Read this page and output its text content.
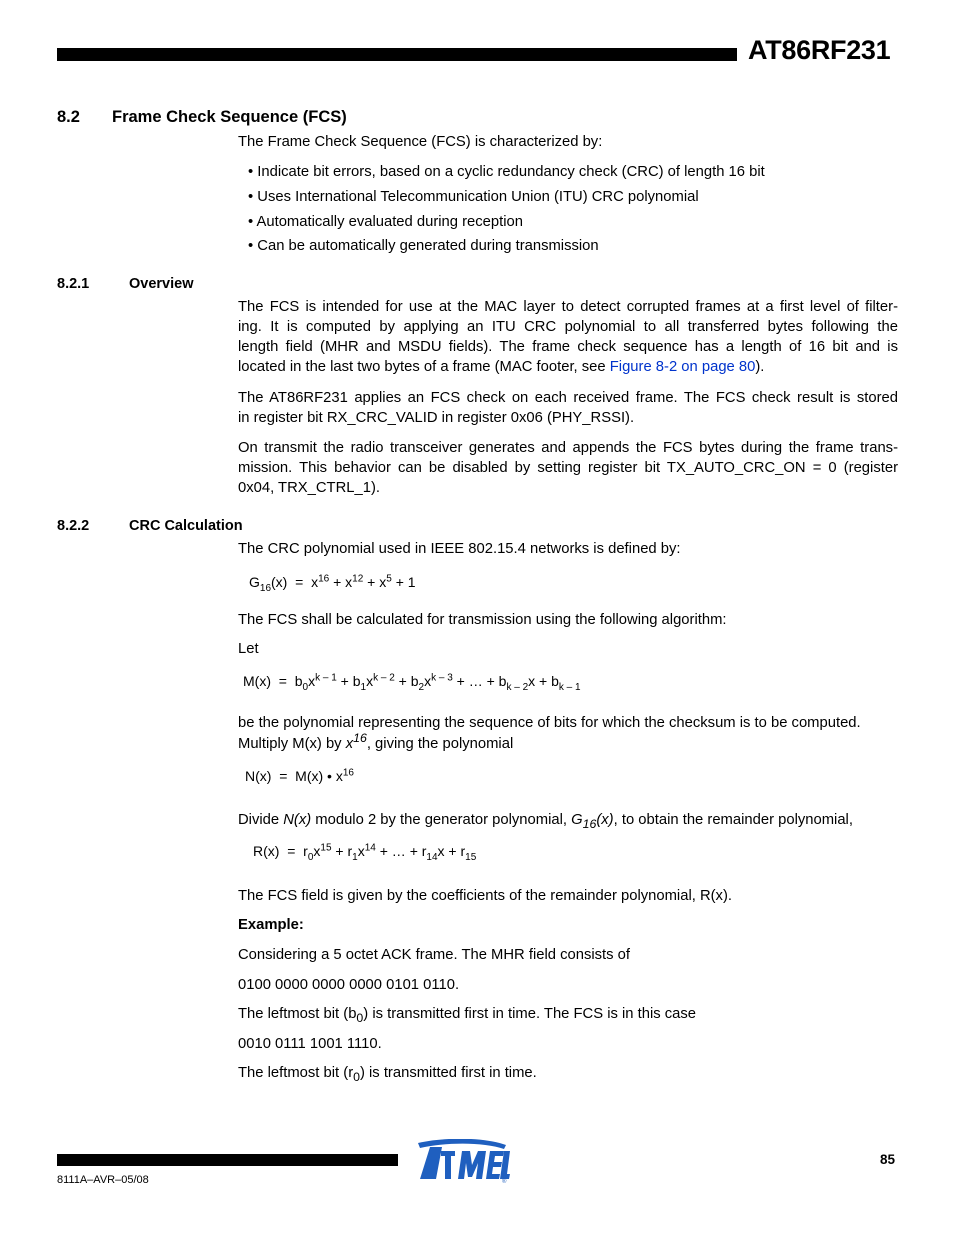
AT86RF231
8.2 Frame Check Sequence (FCS)
The Frame Check Sequence (FCS) is characterized by:
• Indicate bit errors, based on a cyclic redundancy check (CRC) of length 16 bit
• Uses International Telecommunication Union (ITU) CRC polynomial
• Automatically evaluated during reception
• Can be automatically generated during transmission
8.2.1	Overview
The FCS is intended for use at the MAC layer to detect corrupted frames at a first level of filter-
ing. It is computed by applying an ITU CRC polynomial to all transferred bytes following the
length field (MHR and MSDU fields). The frame check sequence has a length of 16 bit and is
located in the last two bytes of a frame (MAC footer, see Figure 8-2 on page 80).
The AT86RF231 applies an FCS check on each received frame. The FCS check result is stored
in register bit RX_CRC_VALID in register 0x06 (PHY_RSSI).
On transmit the radio transceiver generates and appends the FCS bytes during the frame trans-
mission. This behavior can be disabled by setting register bit TX_AUTO_CRC_ON = 0 (register
0x04, TRX_CTRL_1).
8.2.2	CRC Calculation
The CRC polynomial used in IEEE 802.15.4 networks is defined by:
$G_{16}(x) = x^{16} + x^{12} + x^5 + 1$
The FCS shall be calculated for transmission using the following algorithm:
Let
$M(x) = b_0x^{k - 1} + b_1x^{k - 2} + b_2x^{k - 3}$ + … + $b_{k - 2}x + b_{k - 1}$
be the polynomial representing the sequence of bits for which the checksum is to be computed.
Multiply M(x) by $x^{16}$, giving the polynomial
N(x)  =  M(x) • $x^{16}$
Divide N(x) modulo 2 by the generator polynomial, $G_{16}(x)$, to obtain the remainder polynomial,
$R(x) = r_0x^{15} + r_1x^{14}$ + … + $r_{14}x + r_{15}$
The FCS field is given by the coefficients of the remainder polynomial, R(x).
Example:
Considering a 5 octet ACK frame. The MHR field consists of
0100 0000 0000 0000 0101 0110.
The leftmost bit $(b_0)$ is transmitted first in time. The FCS is in this case
0010 0111 1001 1110.
The leftmost bit $(r_0)$ is transmitted first in time.
®
85
8111A–AVR–05/08
